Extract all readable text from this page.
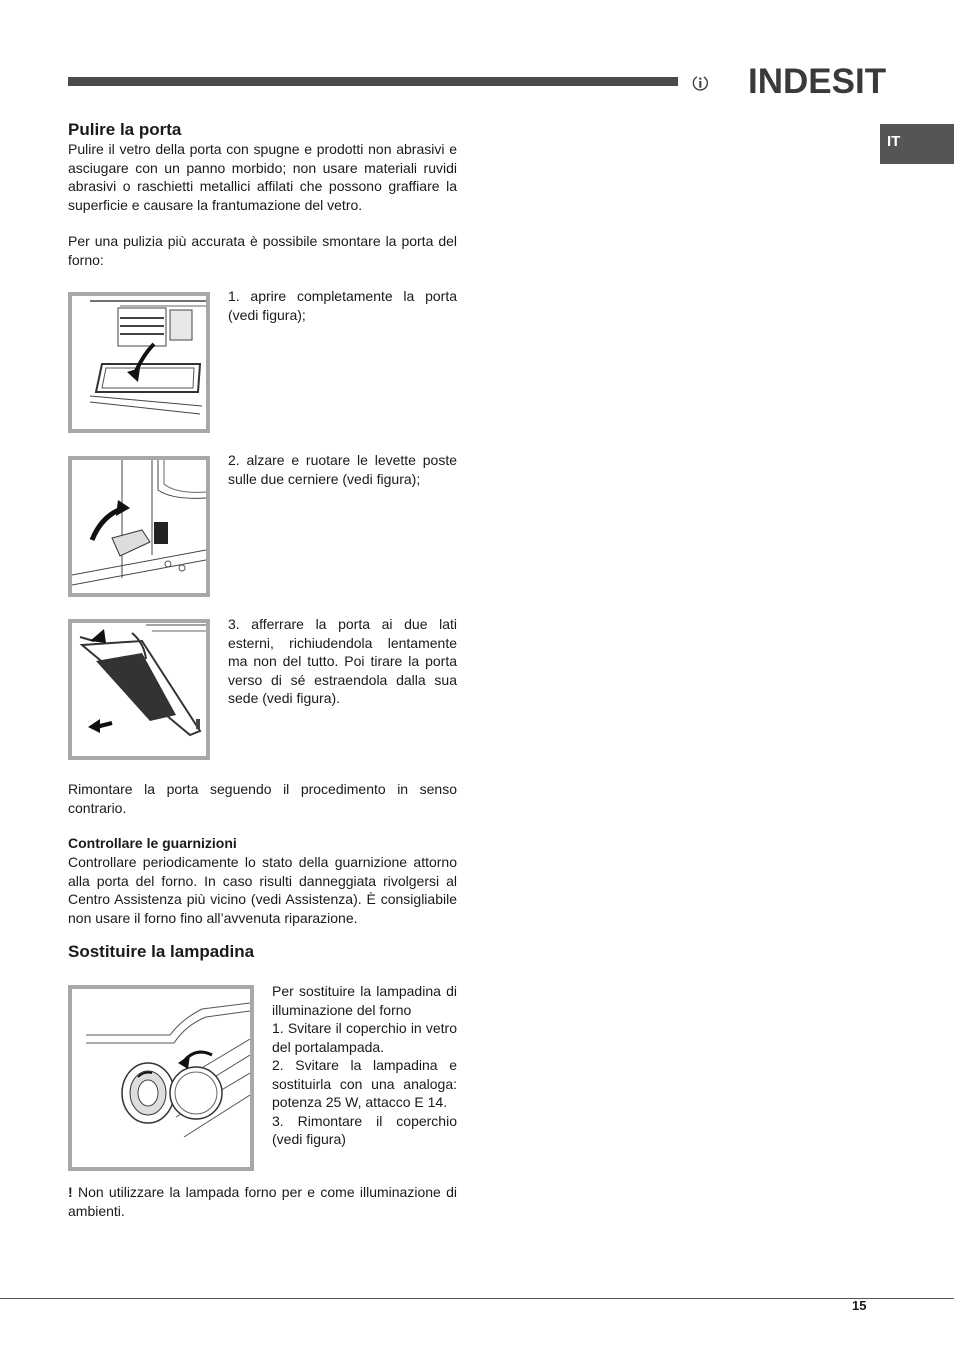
INDESIT
IT
Pulire la porta

Pulire il vetro della porta con spugne e prodotti non abrasivi e asciugare con un panno morbido; non usare materiali ruvidi abrasivi o raschietti metallici affilati che possono graffiare la superficie e causare la frantumazione del vetro.

Per una pulizia più accurata è possibile smontare la porta del forno:

1. aprire completamente la porta (vedi figura);
2. alzare e ruotare le levette poste sulle due cerniere (vedi figura);
3. afferrare la porta ai due lati esterni, richiudendola lentamente ma non del tutto. Poi tirare la porta verso di sé estraendola dalla sua sede (vedi figura).

Rimontare la porta seguendo il procedimento in senso contrario.

Controllare le guarnizioni

Controllare periodicamente lo stato della guarnizione attorno alla porta del forno. In caso risulti danneggiata rivolgersi al Centro Assistenza più vicino (vedi Assistenza). È consigliabile non usare il forno fino all’avvenuta riparazione.

Sostituire la lampadina
Per sostituire la lampadina di illuminazione del forno
1. Svitare il coperchio in vetro del portalampada.
2. Svitare la lampadina e sostituirla con una analoga: potenza 25 W, attacco E 14.
3. Rimontare il coperchio (vedi figura)

! Non utilizzare la lampada forno per e come illuminazione di ambienti.

15
